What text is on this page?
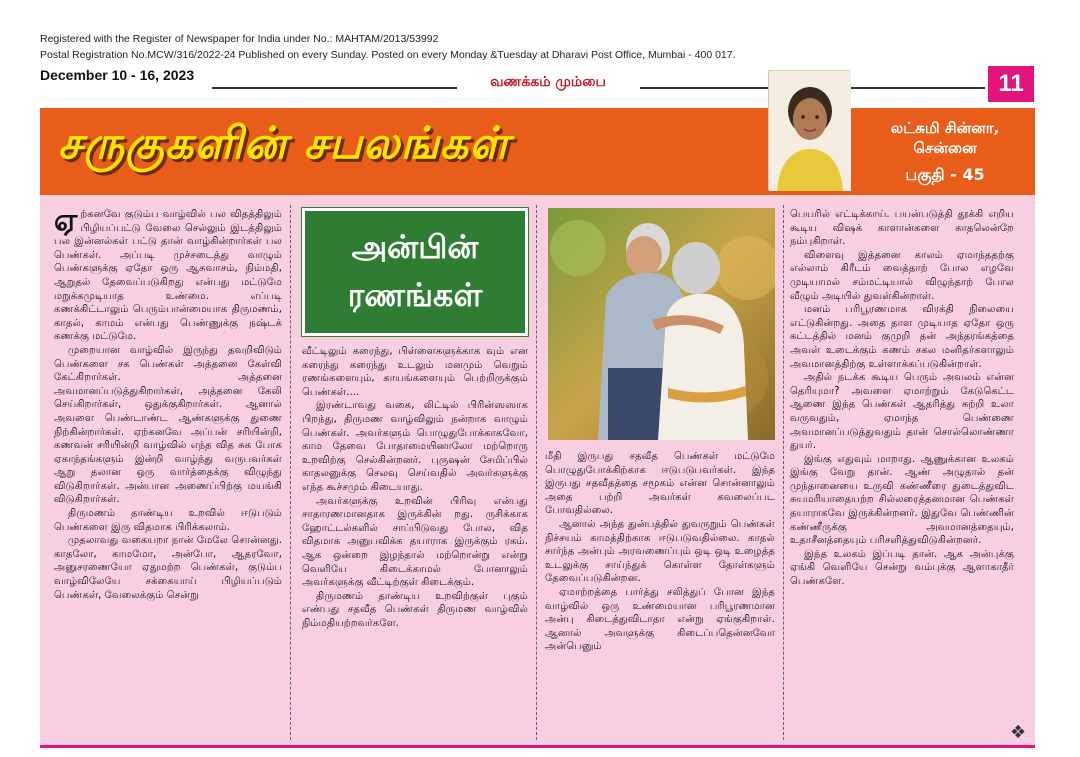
Registered with the Register of Newspaper for India under No.: MAHTAM/2013/53992
Postal Registration No.MCW/316/2022-24 Published on every Sunday. Posted on every Monday &Tuesday at Dharavi Post Office, Mumbai - 400 017.
December 10 - 16, 2023	வணக்கம் மும்பை	11
சருகுகளின் சபலங்கள்	லட்சுமி சின்னா, சென்னை
பகுதி - 45

ஏற்கனவே குடும்ப வாழ்வில் பல விதத்திலும் பிழியப்பட்டு வேலை செல்லும் இடத்திலும் பல இன்னல்கள் பட்டு தான் வாழ்கின்றார்கள் பல பெண்கள். அப்படி முச்சடைத்து வாழும் பெண்களுக்கு ஏதோ ஒரு ஆசுவாசம், நிம்மதி, ஆறுதல் தேவைப்படுகிறது என்பது மட்டுமே மறுக்கமுடியாத உண்மை. எப்படி கணக்கிட்டாலும் பெரும்பான்மையாக திருமணம், காதல், காமம் என்பது பெண்ணுக்கு நஷ்டக் கணக்கு மட்டுமே.

முறையான வாழ்வில் இருந்து தவறிவிடும் பெண்களை சக பெண்கள் அத்தனை கேள்வி கேட்கிறார்கள். அத்தனை அவமானப்படுத்துகிறார்கள், அத்தனை கேலி செய்கிறார்கள், ஒதுக்குகிறார்கள். ஆனால் அவளை பெண்டாண்ட ஆண்களுக்கு துணை நிற்கின்றார்கள். ஏற்கனவே அப்பன் சரியின்றி, கணவன் சரியின்றி வாழ்வில் எந்த வித சுக போக ஏகாந்தங்களும் இன்றி வாழ்ந்து வருபவர்கள் ஆறு தலான ஒரு வார்த்தைக்கு விழுந்து விடுகிறார்கள். அன்பான அணைப்பிற்கு மயங்கி விடுகிறார்கள்.

திருமணம் தாண்டிய உறவில் ஈடுபடும் பெண்களை இரு விதமாக பிரிக்கலாம்.

முதலாவது வகையறா நான் மேலே சொன்னது. காதலோ, காமமோ, அன்போ, ஆதரவோ, அனுசரணையோ ஏதுமற்ற பெண்கள், குடும்ப வாழ்விலேயே சக்கையாய் பிழியப்படும் பெண்கள், வேலைக்கும் சென்று

அன்பின்
ரணங்கள்

வீட்டிலும் கரைந்து, பிள்ளைகளுக்காக வும் என கரைந்து கரைந்து உடலும் மனமும் வெறும் ரணங்களையும், காயங்களையும் பெற்றிருக்கும் பெண்கள்....

இரண்டாவது வகை, லிட்டில் பிரின்ஸஸாக பிறந்து, திருமண வாழ்விலும் நன்றாக வாழும் பெண்கள். அவர்களும் பொழுதுபோக்காகவோ, காம தேவை போதாமையினாலோ மற்றொரு உறவிற்கு செல்கின்றனர். புருஷன் சேமிப்பில் காதலனுக்கு செலவு செய்வதில் அவர்களுக்கு எந்த கூச்சமும் கிடையாது.

அவர்களுக்கு உறவின் பிரிவு என்பது சாதாரணமானதாக இருக்கின் றது. ருசிக்காக ஹோட்டல்களில் சாப்பிடுவது போல, வித விதமாக அனுபவிக்க தயாராக இருக்கும் ரகம். ஆக ஒன்றை இழந்தால் மற்றொன்று என்று வெளியே கிடைக்காமல் போனாலும் அவர்களுக்கு வீட்டிற்குள் கிடைக்கும்.

திருமணம் தாண்டிய உறவிற்குள் புகும் எண்பது சதவீத பெண்கள் திருமண வாழ்வில் நிம்மதியற்றவர்களே.

மீதி இருபது சதவீத பெண்கள் மட்டுமே பொழுதுபோக்கிற்காக ஈடுபடுபவர்கள். இந்த இருபது சதவீதத்தை சமூகம் என்ன சொன்னாலும் அதை பற்றி அவர்கள் கவலைப்பட போவதில்லை.

ஆனால் அந்த துன்பத்தில் துவருறும் பெண்கள் நிச்சயம் காமத்திற்காக ஈடுபடுவதில்லை. காதல் சார்ந்த அன்பும் அரவணைப்பும் ஒடி ஒடி உழைத்த உடலுக்கு சாய்ந்துக் கொள்ள தோள்களும் தேவைப்படுகின்றன.

ஏமாற்றத்தை பார்த்து சலித்துப் போன இந்த வாழ்வில் ஒரு உண்மையான பரிபூரணமான அன்பு கிடைத்துவிடாதா என்று ஏங்குகிறாள். ஆனால் அவளுக்கு கிடைப்பதென்னவோ அன்பெனும்

பெயரில் எட்டிக்காய். பயன்படுத்தி தூக்கி எறிய கூடிய விஷக் காளான்களை காதலென்றே நம்புகிறாள்.

விளைவு இத்தனை காலம் ஏமாந்ததற்கு எல்லாம் கிரீடம் வைத்தாற் போல எழவே முடியாமல் சம்மட்டியால் விழுந்தாற் போல வீழும் அடியில் துவள்கின்றாள்.

மனம் பரிபூரணமாக விரக்தி நிலையை எட்டுகின்றது. அதை தாள முடியாத ஏதோ ஒரு கட்டத்தில் மனம் குமுறி தன் அந்தரங்கத்தை அவள் உடைக்கும் கணம் சகல மனிதர்களாலும் அவமானத்திற்கு உள்ளாக்கப்படுகின்றாள்.

அதில் நடக்க கூடிய பெரும் அவலம் என்ன தெரியுமா? அவளை ஏமாற்றும் கேடுகெட்ட ஆணை இந்த பெண்கள் ஆதரித்து சுற்றி உலா வருவதும், ஏமாந்த பெண்ணை அவமானப்படுத்துவதும் தான் சொல்லொண்ணா துயர்.

இங்கு எதுவும் மாறாது. ஆணுக்கான உலகம் இங்கு வேறு தான். ஆண் அழுதால் தன் முந்தானையை உருவி கண்ணீரை துடைத்துவிட சுயமரியாதையற்ற சில்லரைத்தனமான பெண்கள் தயாராகவே இருக்கின்றனர். இதுவே பெண்ணின் கண்ணீருக்கு அவமானத்தையும், உதாசீனத்தையும் பரிசளித்துவிடுகின்றனர்.

இந்த உலகம் இப்படி தான். ஆக அன்புக்கு ஏங்கி வெளியே சென்று வம்புக்கு ஆளாகாதீர் பெண்களே.

❖
